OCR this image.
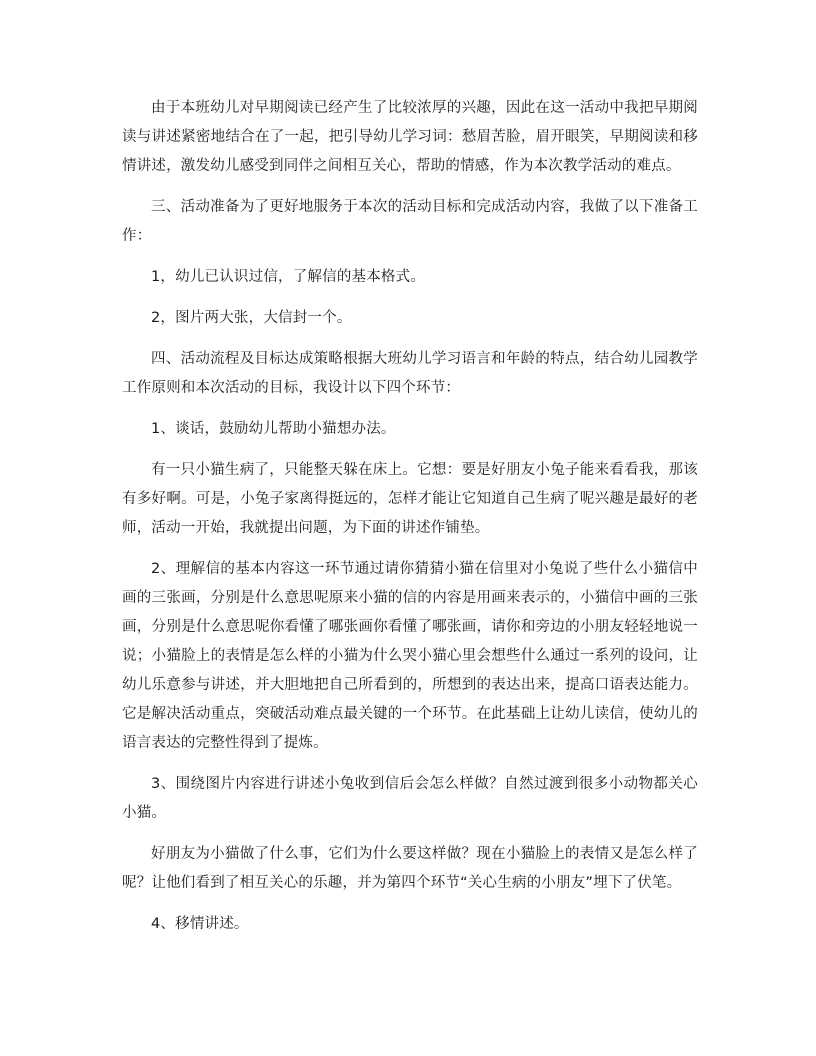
由于本班幼儿对早期阅读已经产生了比较浓厚的兴趣，因此在这一活动中我把早期阅读与讲述紧密地结合在了一起，把引导幼儿学习词：愁眉苦脸，眉开眼笑，早期阅读和移情讲述，激发幼儿感受到同伴之间相互关心，帮助的情感，作为本次教学活动的难点。

三、活动准备为了更好地服务于本次的活动目标和完成活动内容，我做了以下准备工作：

1，幼儿已认识过信，了解信的基本格式。

2，图片两大张，大信封一个。

四、活动流程及目标达成策略根据大班幼儿学习语言和年龄的特点，结合幼儿园教学工作原则和本次活动的目标，我设计以下四个环节：

1、谈话，鼓励幼儿帮助小猫想办法。

有一只小猫生病了，只能整天躲在床上。它想：要是好朋友小兔子能来看看我，那该有多好啊。可是，小兔子家离得挺远的，怎样才能让它知道自己生病了呢兴趣是最好的老师，活动一开始，我就提出问题，为下面的讲述作铺垫。

2、理解信的基本内容这一环节通过请你猜猜小猫在信里对小兔说了些什么小猫信中画的三张画，分别是什么意思呢原来小猫的信的内容是用画来表示的，小猫信中画的三张画，分别是什么意思呢你看懂了哪张画你看懂了哪张画，请你和旁边的小朋友轻轻地说一说；小猫脸上的表情是怎么样的小猫为什么哭小猫心里会想些什么通过一系列的设问，让幼儿乐意参与讲述，并大胆地把自己所看到的，所想到的表达出来，提高口语表达能力。它是解决活动重点，突破活动难点最关键的一个环节。在此基础上让幼儿读信，使幼儿的语言表达的完整性得到了提炼。

3、围绕图片内容进行讲述小兔收到信后会怎么样做？自然过渡到很多小动物都关心小猫。

好朋友为小猫做了什么事，它们为什么要这样做？现在小猫脸上的表情又是怎么样了呢？让他们看到了相互关心的乐趣，并为第四个环节“关心生病的小朋友”埋下了伏笔。

4、移情讲述。
